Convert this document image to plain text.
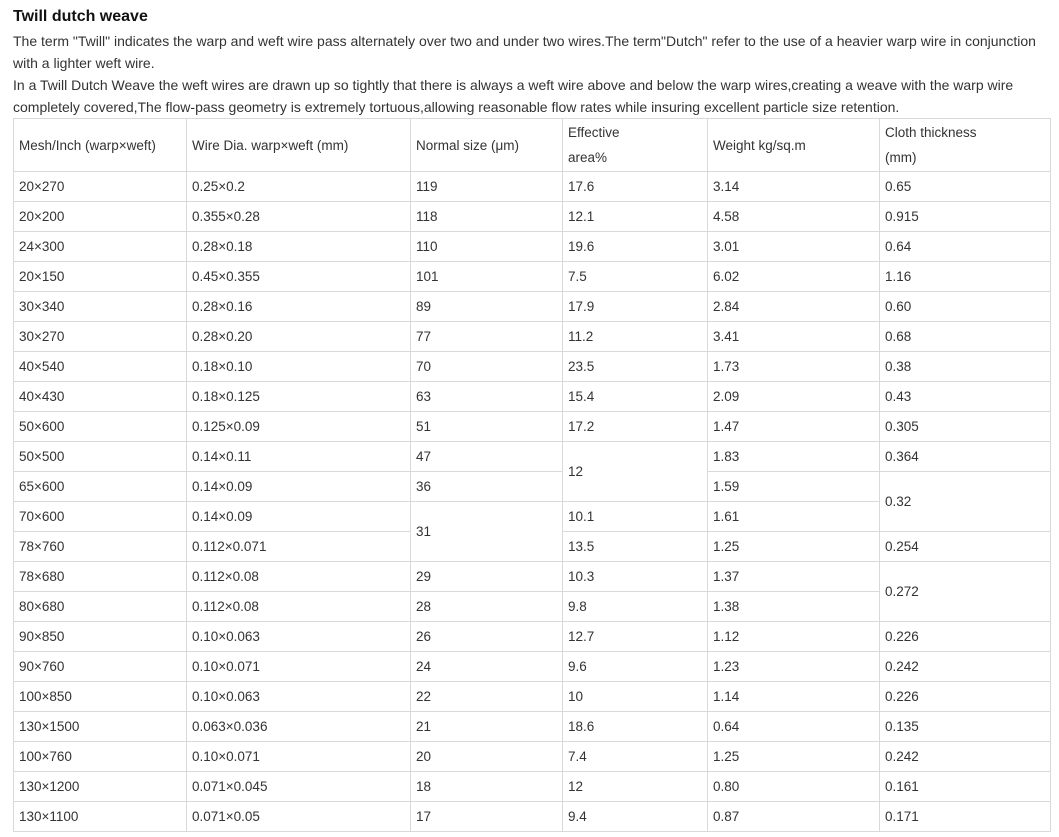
Twill dutch weave

The term "Twill" indicates the warp and weft wire pass alternately over two and under two wires.The term"Dutch" refer to the use of a heavier warp wire in conjunction with a lighter weft wire.

In a Twill Dutch Weave the weft wires are drawn up so tightly that there is always a weft wire above and below the warp wires,creating a weave with the warp wire completely covered,The flow-pass geometry is extremely tortuous,allowing reasonable flow rates while insuring excellent particle size retention.

Mesh/Inch (warp×weft)	Wire Dia. warp×weft (mm)	Normal size (μm)	Effective
area%	Weight kg/sq.m	Cloth thickness
(mm)

20×270	0.25×0.2	119	17.6	3.14	0.65
20×200	0.355×0.28	118	12.1	4.58	0.915
24×300	0.28×0.18	110	19.6	3.01	0.64
20×150	0.45×0.355	101	7.5	6.02	1.16
30×340	0.28×0.16	89	17.9	2.84	0.60
30×270	0.28×0.20	77	11.2	3.41	0.68
40×540	0.18×0.10	70	23.5	1.73	0.38
40×430	0.18×0.125	63	15.4	2.09	0.43
50×600	0.125×0.09	51	17.2	1.47	0.305
50×500	0.14×0.11	47	12	1.83	0.364
65×600	0.14×0.09	36		1.59	0.32
70×600	0.14×0.09	31	10.1	1.61	
78×760	0.112×0.071		13.5	1.25	0.254
78×680	0.112×0.08	29	10.3	1.37	0.272
80×680	0.112×0.08	28	9.8	1.38	
90×850	0.10×0.063	26	12.7	1.12	0.226
90×760	0.10×0.071	24	9.6	1.23	0.242
100×850	0.10×0.063	22	10	1.14	0.226
130×1500	0.063×0.036	21	18.6	0.64	0.135
100×760	0.10×0.071	20	7.4	1.25	0.242
130×1200	0.071×0.045	18	12	0.80	0.161
130×1100	0.071×0.05	17	9.4	0.87	0.171
